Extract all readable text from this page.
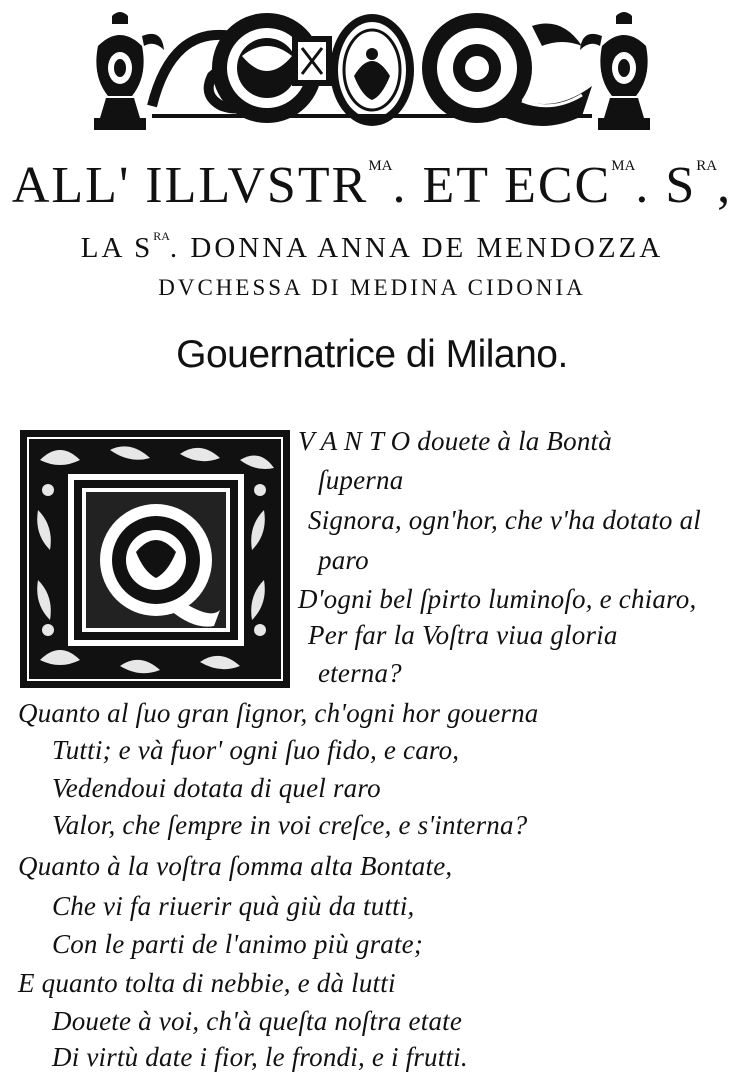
ALL' $ILLVSTR^{MA}$. ET $ECC^{MA}$. $S^{RA}$,
LA $S^{RA}$. DONNA ANNA DE MENDOZZA
DVCHESSA DI MEDINA CIDONIA
Gouernatrice di Milano.
V A N T O douete à la Bontà
ſuperna
Signora, ogn'hor, che v'ha dotato al
paro
D'ogni bel ſpirto luminoſo, e chiaro,
Per far la Voſtra viua gloria
eterna?
Quanto al ſuo gran ſignor, ch'ogni hor gouerna
Tutti; e và fuor' ogni ſuo fido, e caro,
Vedendoui dotata di quel raro
Valor, che ſempre in voi creſce, e s'interna?
Quanto à la voſtra ſomma alta Bontate,
Che vi fa riuerir quà giù da tutti,
Con le parti de l'animo più grate;
E quanto tolta di nebbie, e dà lutti
Douete à voi, ch'à queſta noſtra etate
Di virtù date i fior, le frondi, e i frutti.
